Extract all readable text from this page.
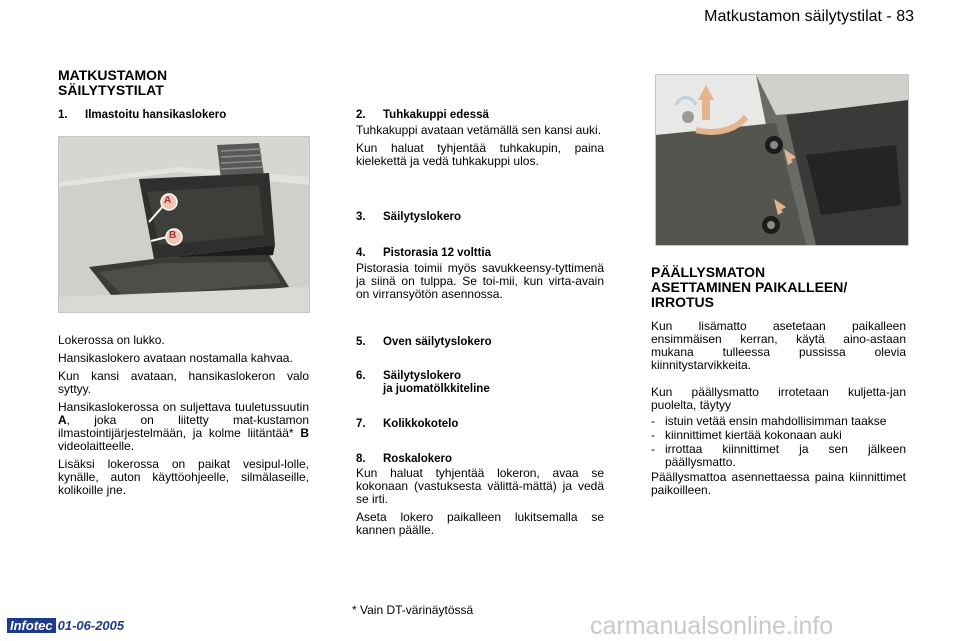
Matkustamon säilytystilat - 83
MATKUSTAMON
SÄILYTYSTILAT
1. Ilmastoitu hansikaslokero
A
B

Lokerossa on lukko.

Hansikaslokero avataan nostamalla kahvaa.

Kun kansi avataan, hansikaslokeron valo syttyy.

Hansikaslokerossa on suljettava tuuletussuutin A, joka on liitetty mat-kustamon ilmastointijärjestelmään, ja kolme liitäntää* B videolaitteelle.

Lisäksi lokerossa on paikat vesipul-lolle, kynälle, auton käyttöohjeelle, silmälaseille, kolikoille jne.

2. Tuhkakuppi edessä

Tuhkakuppi avataan vetämällä sen kansi auki.

Kun haluat tyhjentää tuhkakupin, paina kielekettä ja vedä tuhkakuppi ulos.

3. Säilytyslokero
4. Pistorasia 12 volttia

Pistorasia toimii myös savukkeensy-tyttimenä ja siinä on tulppa. Se toi-mii, kun virta-avain on virransyötön asennossa.

5. Oven säilytyslokero
6. Säilytyslokero
ja juomatölkkiteline
7. Kolikkokotelo
8. Roskalokero

Kun haluat tyhjentää lokeron, avaa se kokonaan (vastuksesta välittä-mättä) ja vedä se irti.

Aseta lokero paikalleen lukitsemalla se kannen päälle.

PÄÄLLYSMATON
ASETTAMINEN PAIKALLEEN/
IRROTUS

Kun lisämatto asetetaan paikalleen ensimmäisen kerran, käytä aino-astaan mukana tulleessa pussissa olevia kiinnitystarvikkeita.

Kun päällysmatto irrotetaan kuljetta-jan puolelta, täytyy

- istuin vetää ensin mahdollisimman taakse
- kiinnittimet kiertää kokonaan auki
- irrottaa kiinnittimet ja sen jälkeen päällysmatto.

Päällysmattoa asennettaessa paina kiinnittimet paikoilleen.

* Vain DT-värinäytössä
Infotec 01-06-2005	carmanualsonline.info
